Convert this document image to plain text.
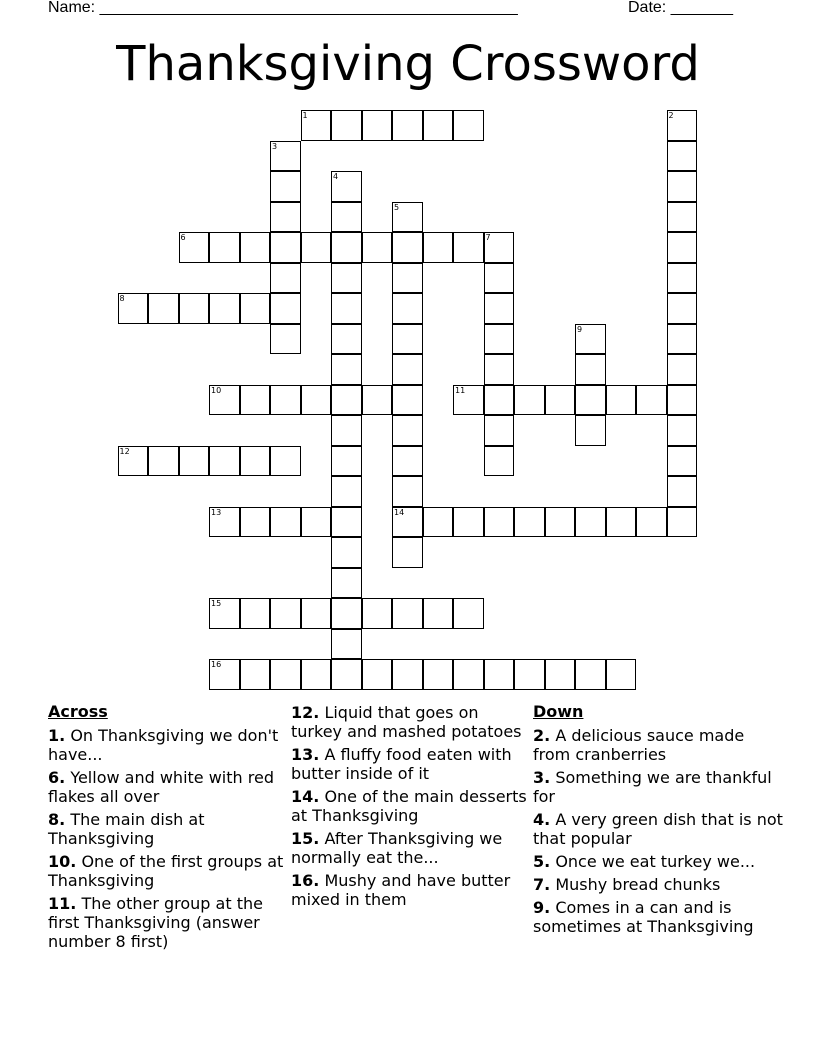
Name: _______________________________________________	Date: _______
Thanksgiving Crossword
1	2
3
4
5
14
6	7
8
9
10	11
12
13
15
16
Across
1. On Thanksgiving we don't have...
6. Yellow and white with red flakes all over
8. The main dish at Thanksgiving
10. One of the first groups at Thanksgiving
11. The other group at the first Thanksgiving (answer number 8 first)
12. Liquid that goes on turkey and mashed potatoes
13. A fluffy food eaten with butter inside of it
14. One of the main desserts at Thanksgiving
15. After Thanksgiving we normally eat the...
16. Mushy and have butter mixed in them
Down
2. A delicious sauce made from cranberries
3. Something we are thankful for
4. A very green dish that is not that popular
5. Once we eat turkey we...
7. Mushy bread chunks
9. Comes in a can and is sometimes at Thanksgiving
